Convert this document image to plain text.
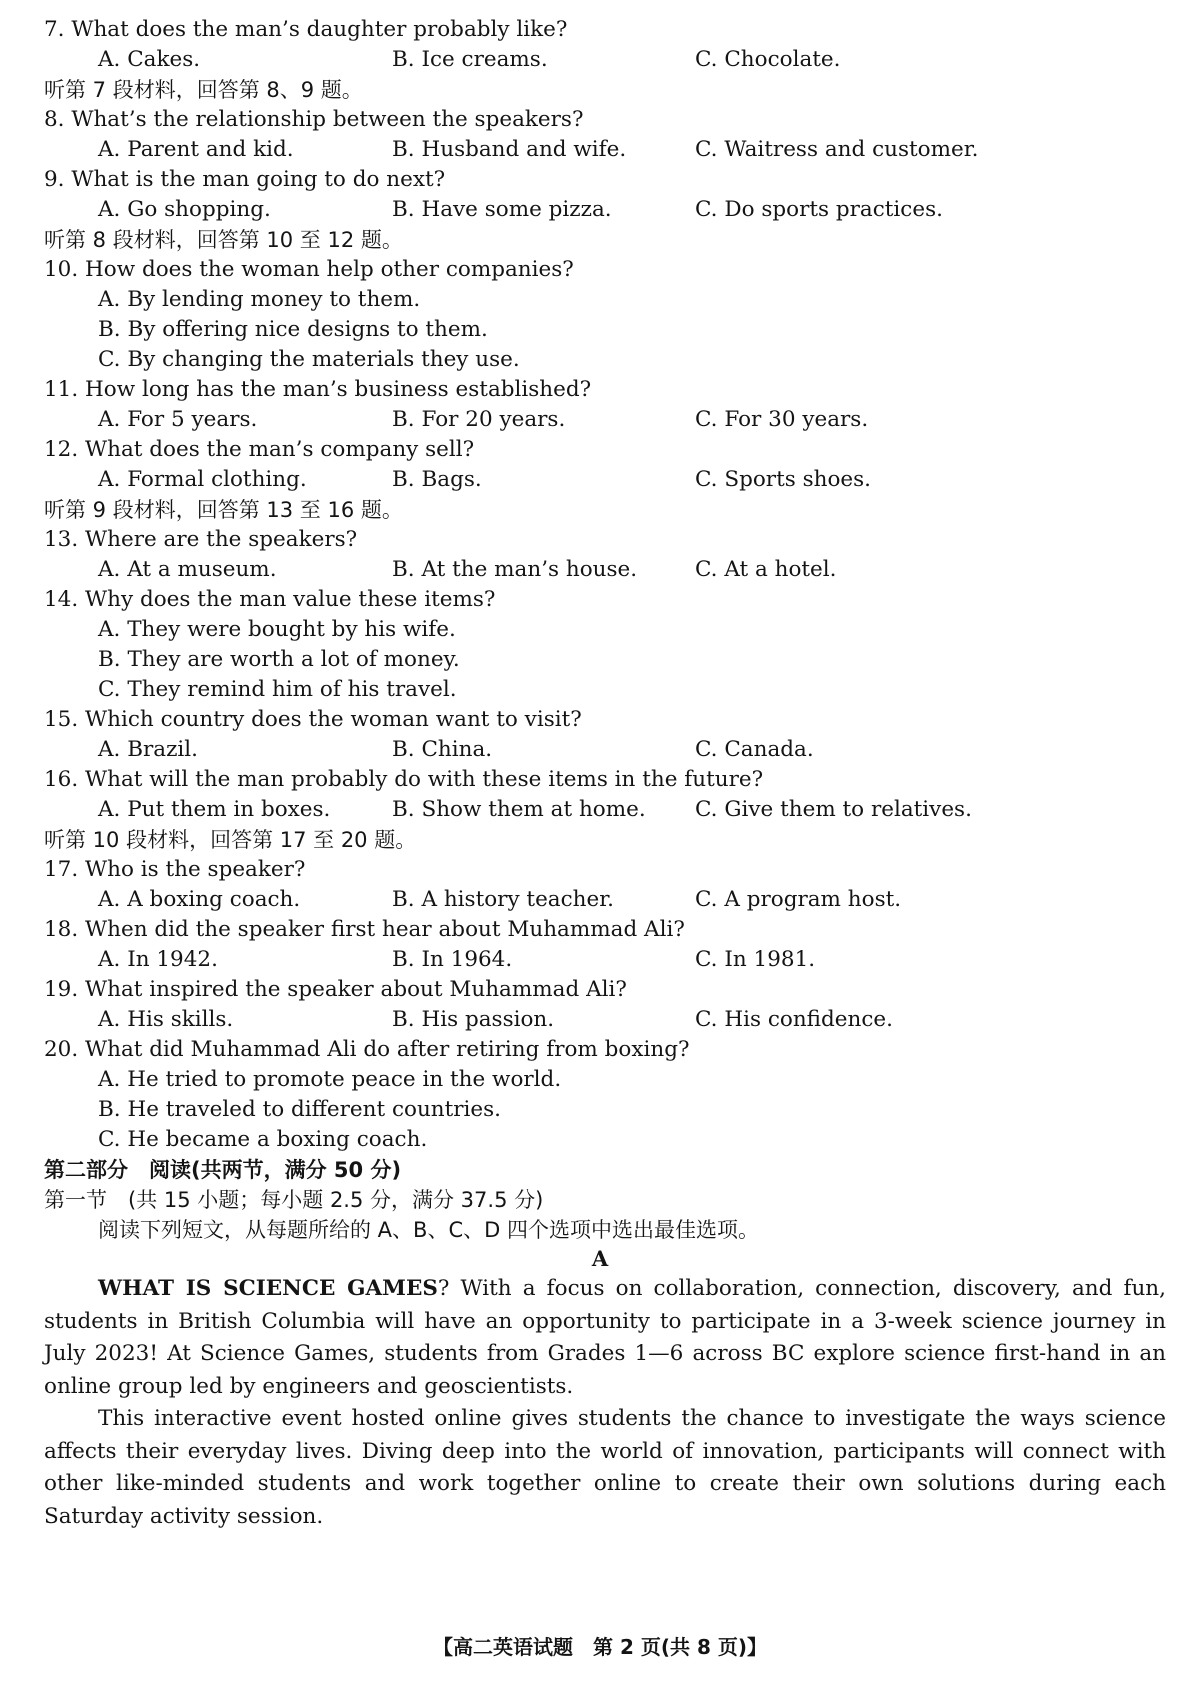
7. What does the man’s daughter probably like?
A. Cakes.	B. Ice creams.	C. Chocolate.
听第 7 段材料，回答第 8、9 题。
8. What’s the relationship between the speakers?
A. Parent and kid.	B. Husband and wife.	C. Waitress and customer.
9. What is the man going to do next?
A. Go shopping.	B. Have some pizza.	C. Do sports practices.
听第 8 段材料，回答第 10 至 12 题。
10. How does the woman help other companies?
A. By lending money to them.
B. By offering nice designs to them.
C. By changing the materials they use.
11. How long has the man’s business established?
A. For 5 years.	B. For 20 years.	C. For 30 years.
12. What does the man’s company sell?
A. Formal clothing.	B. Bags.	C. Sports shoes.
听第 9 段材料，回答第 13 至 16 题。
13. Where are the speakers?
A. At a museum.	B. At the man’s house.	C. At a hotel.
14. Why does the man value these items?
A. They were bought by his wife.
B. They are worth a lot of money.
C. They remind him of his travel.
15. Which country does the woman want to visit?
A. Brazil.	B. China.	C. Canada.
16. What will the man probably do with these items in the future?
A. Put them in boxes.	B. Show them at home. C. Give them to relatives.
听第 10 段材料，回答第 17 至 20 题。
17. Who is the speaker?
A. A boxing coach.	B. A history teacher.	C. A program host.
18. When did the speaker first hear about Muhammad Ali?
A. In 1942.	B. In 1964.	C. In 1981.
19. What inspired the speaker about Muhammad Ali?
A. His skills.	B. His passion.	C. His confidence.
20. What did Muhammad Ali do after retiring from boxing?
A. He tried to promote peace in the world.
B. He traveled to different countries.
C. He became a boxing coach.
第二部分　阅读(共两节，满分 50 分)
第一节　(共 15 小题；每小题 2.5 分，满分 37.5 分)
阅读下列短文，从每题所给的 A、B、C、D 四个选项中选出最佳选项。
A

WHAT IS SCIENCE GAMES? With a focus on collaboration, connection, discovery, and fun, students in British Columbia will have an opportunity to participate in a 3-week science journey in July 2023! At Science Games, students from Grades 1—6 across BC explore science first-hand in an online group led by engineers and geoscientists.

This interactive event hosted online gives students the chance to investigate the ways science affects their everyday lives. Diving deep into the world of innovation, participants will connect with other like-minded students and work together online to create their own solutions during each Saturday activity session.

【高二英语试题　第 2 页(共 8 页)】
